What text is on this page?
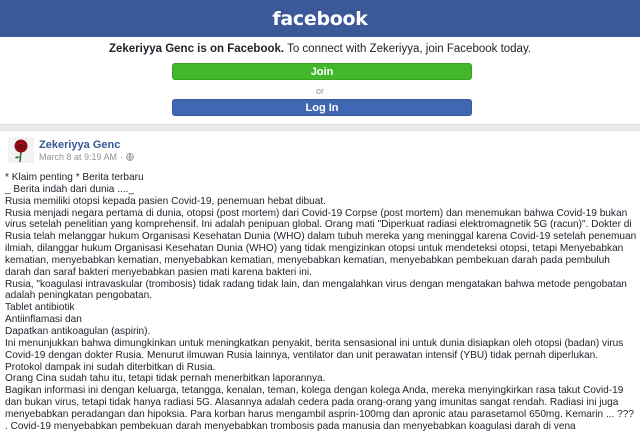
facebook
Zekeriyya Genc is on Facebook. To connect with Zekeriyya, join Facebook today.
Join
or
Log In
Zekeriyya Genc
March 8 at 9:19 AM ·

* Klaim penting * Berita terbaru

_ Berita indah dari dunia ...._

Rusia memiliki otopsi kepada pasien Covid-19, penemuan hebat dibuat.

Rusia menjadi negara pertama di dunia, otopsi (post mortem) dari Covid-19 Corpse (post mortem) dan menemukan bahwa Covid-19 bukan virus setelah penelitian yang komprehensif. Ini adalah penipuan global. Orang mati "Diperkuat radiasi elektromagnetik 5G (racun)". Dokter di Rusia telah melanggar hukum Organisasi Kesehatan Dunia (WHO) dalam tubuh mereka yang meninggal karena Covid-19 setelah penemuan ilmiah, dilanggar hukum Organisasi Kesehatan Dunia (WHO) yang tidak mengizinkan otopsi untuk mendeteksi otopsi, tetapi Menyebabkan kematian, menyebabkan kematian, menyebabkan kematian, menyebabkan kematian, menyebabkan pembekuan darah pada pembuluh darah dan saraf bakteri menyebabkan pasien mati karena bakteri ini.

Rusia, "koagulasi intravaskular (trombosis) tidak radang tidak lain, dan mengalahkan virus dengan mengatakan bahwa metode pengobatan adalah peningkatan pengobatan.

Tablet antibiotik

Antiinflamasi dan

Dapatkan antikoagulan (aspirin).

Ini menunjukkan bahwa dimungkinkan untuk meningkatkan penyakit, berita sensasional ini untuk dunia disiapkan oleh otopsi (badan) virus Covid-19 dengan dokter Rusia. Menurut ilmuwan Rusia lainnya, ventilator dan unit perawatan intensif (YBU) tidak pernah diperlukan. Protokol dampak ini sudah diterbitkan di Rusia.

Orang Cina sudah tahu itu, tetapi tidak pernah menerbitkan laporannya.

Bagikan informasi ini dengan keluarga, tetangga, kenalan, teman, kolega dengan kolega Anda, mereka menyingkirkan rasa takut Covid-19 dan bukan virus, tetapi tidak hanya radiasi 5G. Alasannya adalah cedera pada orang-orang yang imunitas sangat rendah. Radiasi ini juga menyebabkan peradangan dan hipoksia. Para korban harus mengambil asprin-100mg dan apronic atau parasetamol 650mg. Kemarin ... ??? . Covid-19 menyebabkan pembekuan darah menyebabkan trombosis pada manusia dan menyebabkan koagulasi darah di vena
